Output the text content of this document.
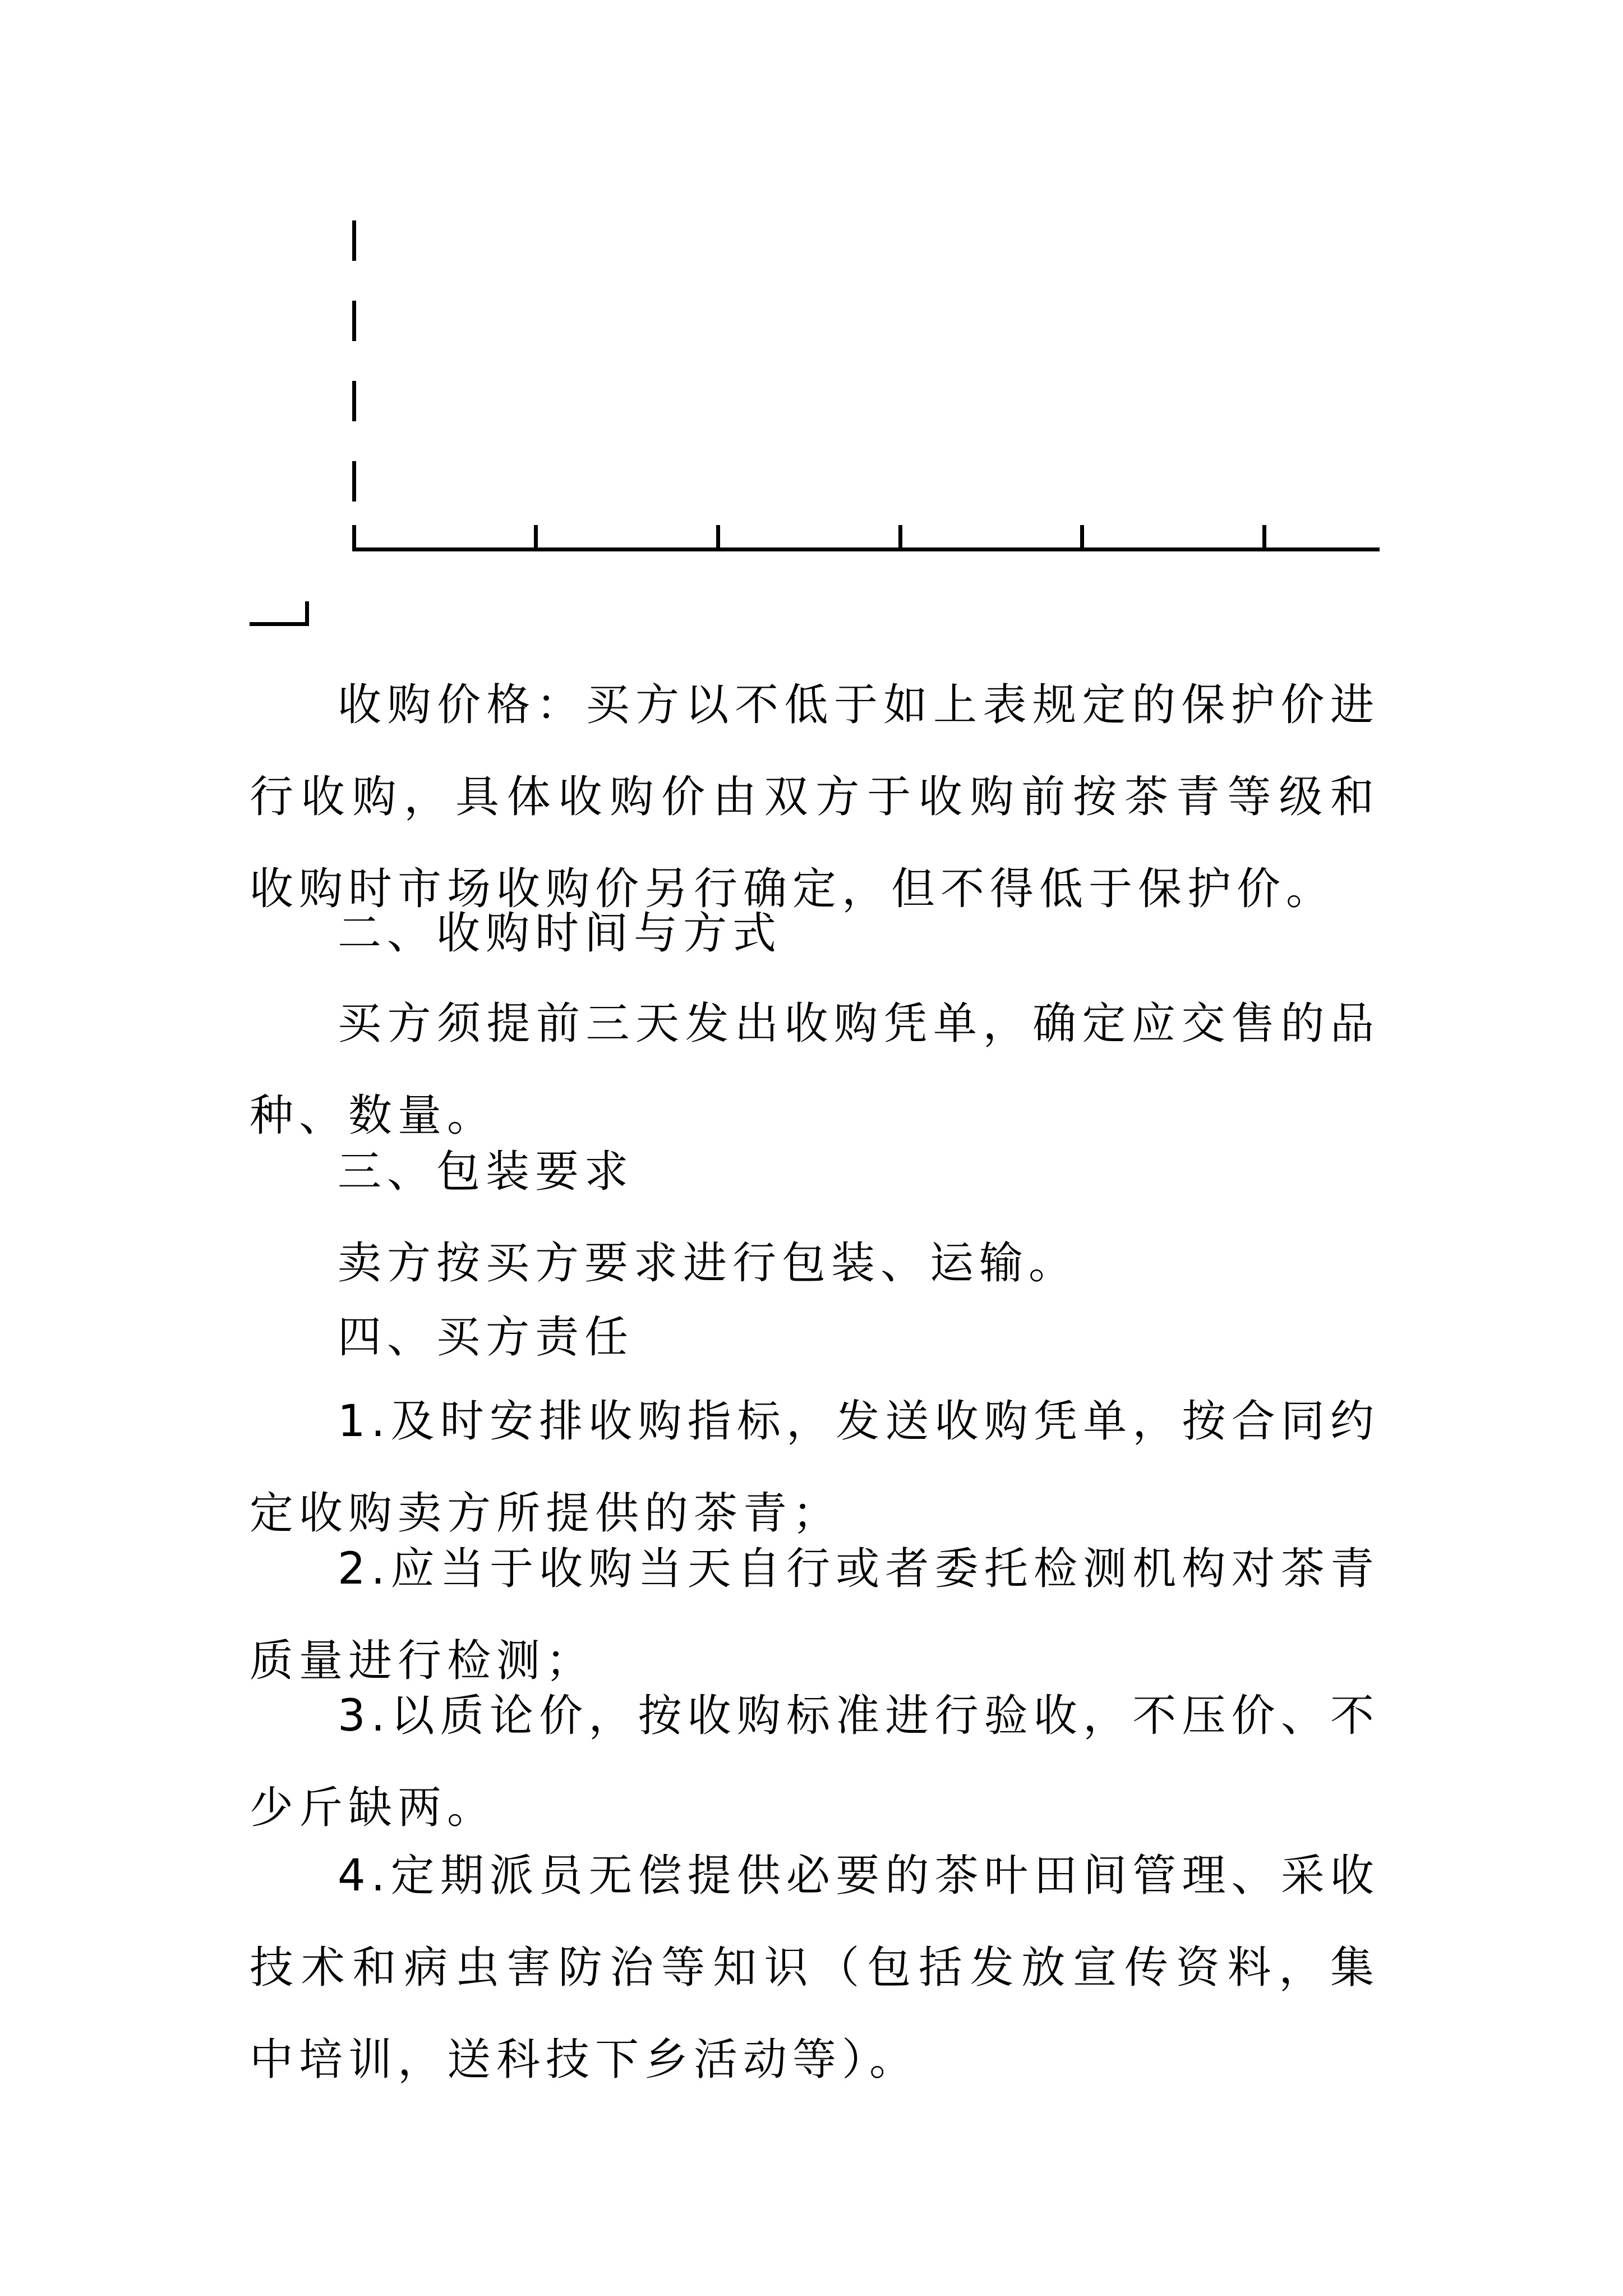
收购价格：买方以不低于如上表规定的保护价进行收购，具体收购价由双方于收购前按茶青等级和收购时市场收购价另行确定，但不得低于保护价。

二、收购时间与方式

买方须提前三天发出收购凭单，确定应交售的品种、数量。

三、包装要求

卖方按买方要求进行包装、运输。

四、买方责任

1.及时安排收购指标，发送收购凭单，按合同约定收购卖方所提供的茶青；

2.应当于收购当天自行或者委托检测机构对茶青质量进行检测；

3.以质论价，按收购标准进行验收，不压价、不少斤缺两。

4.定期派员无偿提供必要的茶叶田间管理、采收技术和病虫害防治等知识（包括发放宣传资料，集中培训，送科技下乡活动等）。
